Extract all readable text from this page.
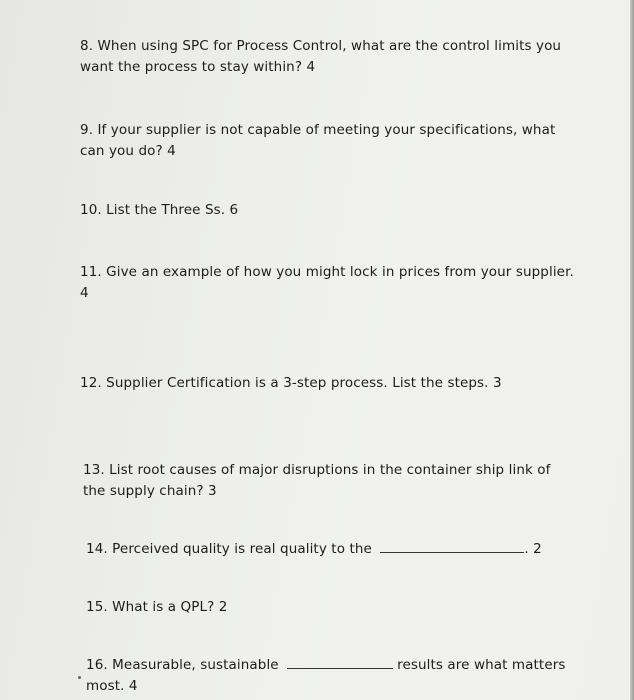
8. When using SPC for Process Control, what are the control limits you
want the process to stay within? 4
9. If your supplier is not capable of meeting your specifications, what
can you do? 4
10. List the Three Ss. 6
11. Give an example of how you might lock in prices from your supplier.
4
12. Supplier Certification is a 3-step process. List the steps. 3
13. List root causes of major disruptions in the container ship link of
the supply chain? 3
14. Perceived quality is real quality to the	. 2
15. What is a QPL? 2
16. Measurable, sustainable	results are what matters
most. 4
